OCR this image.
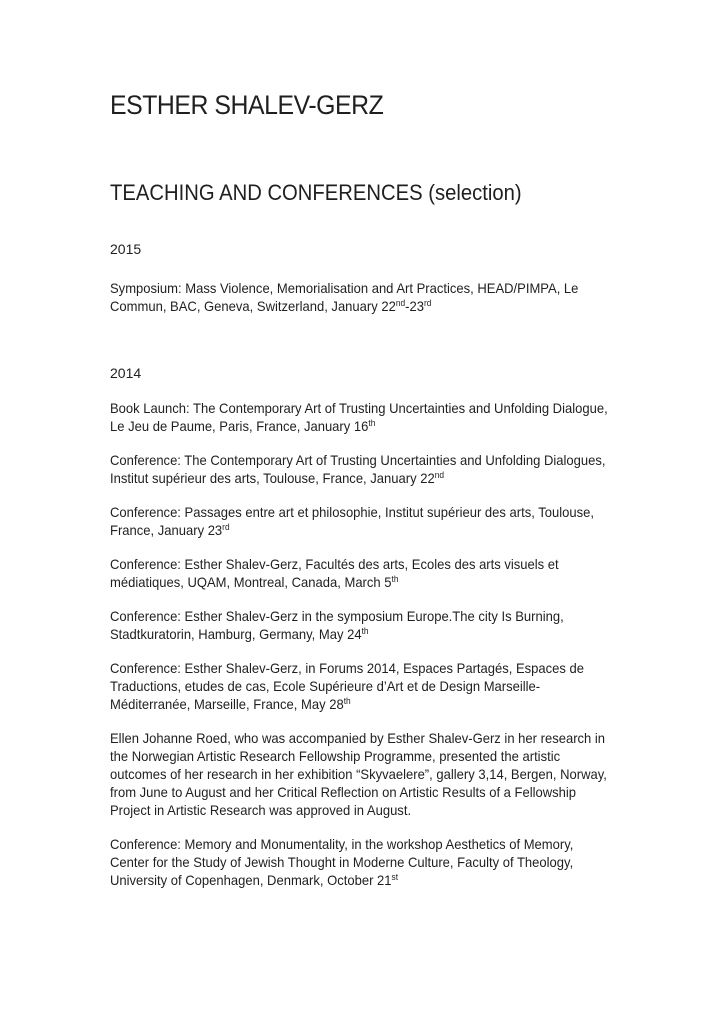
ESTHER SHALEV-GERZ
TEACHING AND CONFERENCES (selection)

2015

Symposium: Mass Violence, Memorialisation and Art Practices, HEAD/PIMPA, Le
Commun, BAC, Geneva, Switzerland, January 22nd-23rd

2014

Book Launch: The Contemporary Art of Trusting Uncertainties and Unfolding Dialogue,
Le Jeu de Paume, Paris, France, January 16th

Conference: The Contemporary Art of Trusting Uncertainties and Unfolding Dialogues,
Institut supérieur des arts, Toulouse, France, January 22nd

Conference: Passages entre art et philosophie, Institut supérieur des arts, Toulouse,
France, January 23rd

Conference: Esther Shalev-Gerz, Facultés des arts, Ecoles des arts visuels et
médiatiques, UQAM, Montreal, Canada, March 5th

Conference: Esther Shalev-Gerz in the symposium Europe.The city Is Burning,
Stadtkuratorin, Hamburg, Germany, May 24th

Conference: Esther Shalev-Gerz, in Forums 2014, Espaces Partagés, Espaces de
Traductions, etudes de cas, Ecole Supérieure d’Art et de Design Marseille-
Méditerranée, Marseille, France, May 28th

Ellen Johanne Roed, who was accompanied by Esther Shalev-Gerz in her research in
the Norwegian Artistic Research Fellowship Programme, presented the artistic
outcomes of her research in her exhibition “Skyvaelere”, gallery 3,14, Bergen, Norway,
from June to August and her Critical Reflection on Artistic Results of a Fellowship
Project in Artistic Research was approved in August.

Conference: Memory and Monumentality, in the workshop Aesthetics of Memory,
Center for the Study of Jewish Thought in Moderne Culture, Faculty of Theology,
University of Copenhagen, Denmark, October 21st
